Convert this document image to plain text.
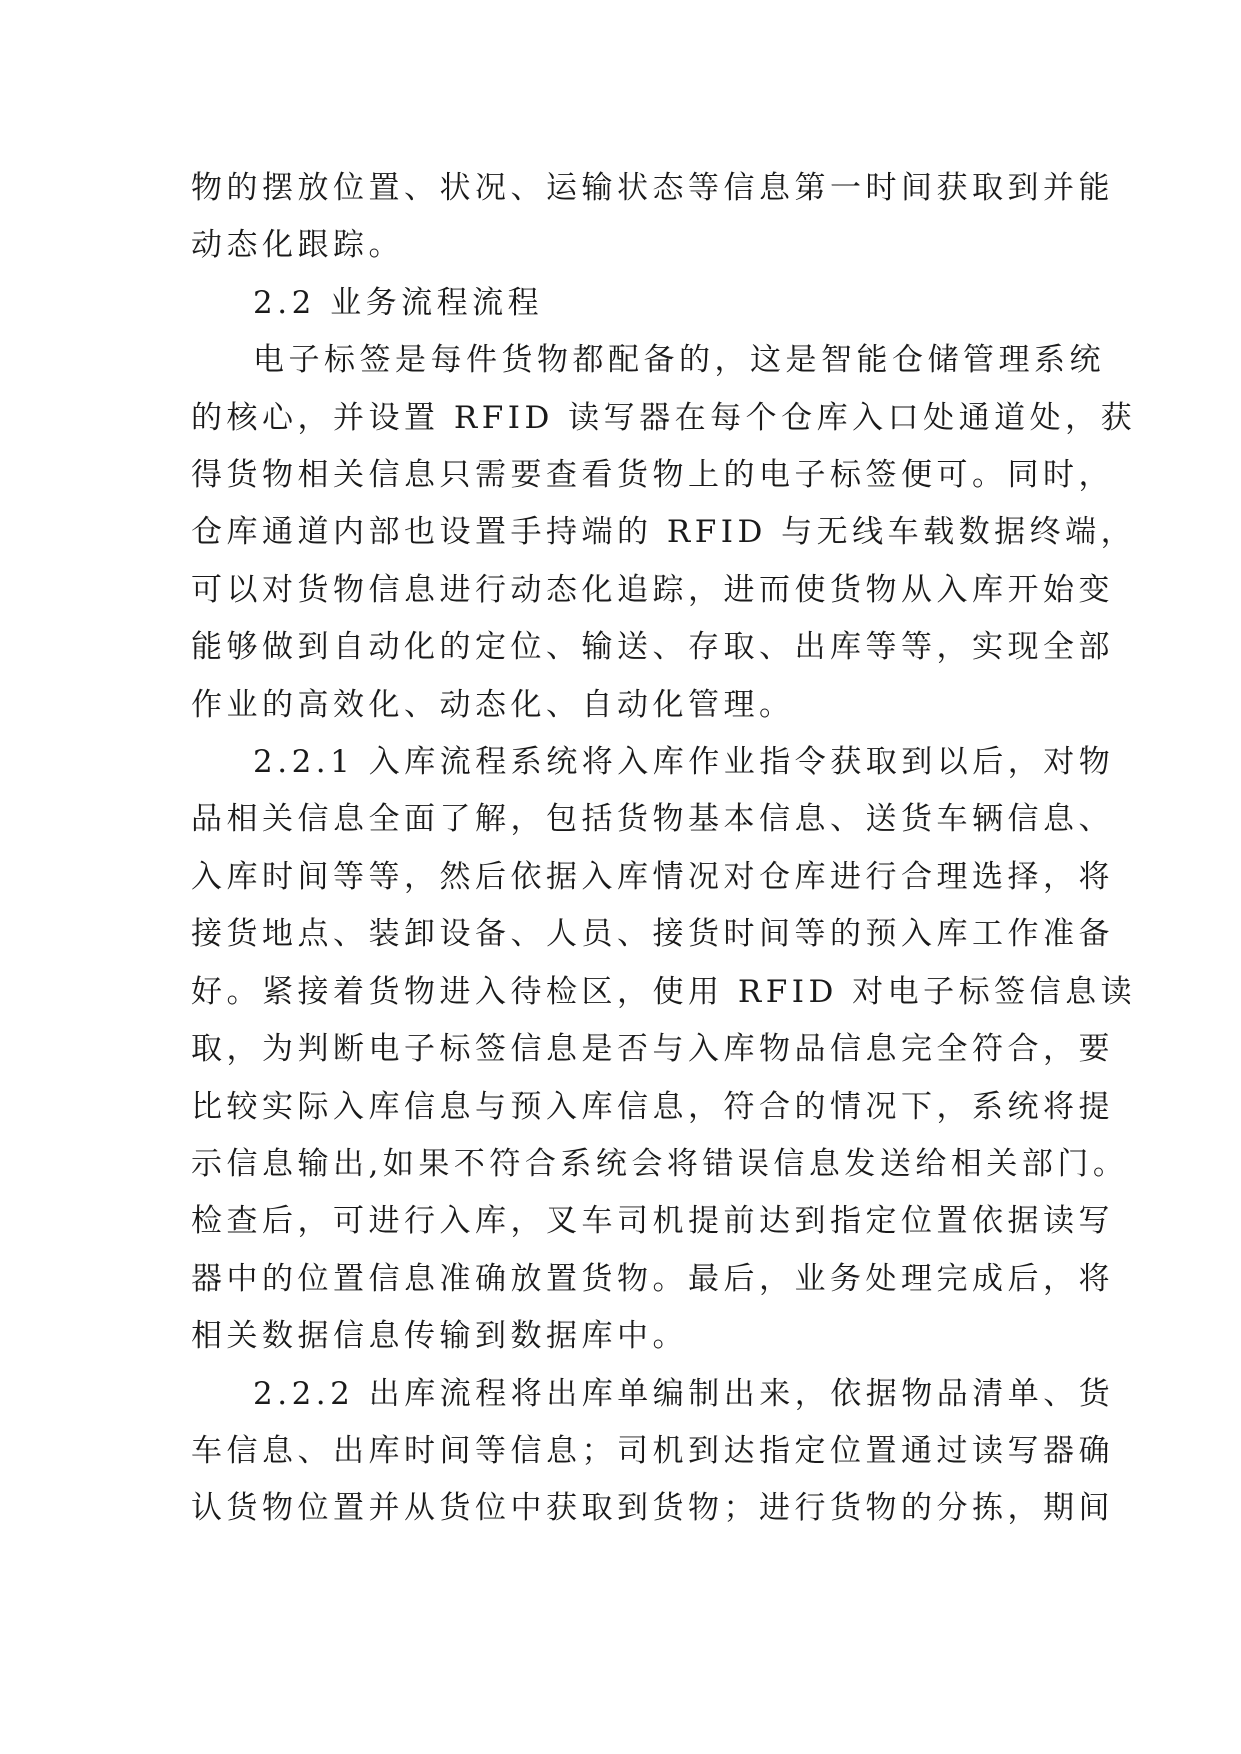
物的摆放位置、状况、运输状态等信息第一时间获取到并能
动态化跟踪。
2.2 业务流程流程
电子标签是每件货物都配备的，这是智能仓储管理系统
的核心，并设置 RFID 读写器在每个仓库入口处通道处，获
得货物相关信息只需要查看货物上的电子标签便可。同时，
仓库通道内部也设置手持端的 RFID 与无线车载数据终端，
可以对货物信息进行动态化追踪，进而使货物从入库开始变
能够做到自动化的定位、输送、存取、出库等等，实现全部
作业的高效化、动态化、自动化管理。
2.2.1 入库流程系统将入库作业指令获取到以后，对物
品相关信息全面了解，包括货物基本信息、送货车辆信息、
入库时间等等，然后依据入库情况对仓库进行合理选择，将
接货地点、装卸设备、人员、接货时间等的预入库工作准备
好。紧接着货物进入待检区，使用 RFID 对电子标签信息读
取，为判断电子标签信息是否与入库物品信息完全符合，要
比较实际入库信息与预入库信息，符合的情况下，系统将提
示信息输出,如果不符合系统会将错误信息发送给相关部门。
检查后，可进行入库，叉车司机提前达到指定位置依据读写
器中的位置信息准确放置货物。最后，业务处理完成后，将
相关数据信息传输到数据库中。
2.2.2 出库流程将出库单编制出来，依据物品清单、货
车信息、出库时间等信息；司机到达指定位置通过读写器确
认货物位置并从货位中获取到货物；进行货物的分拣，期间
